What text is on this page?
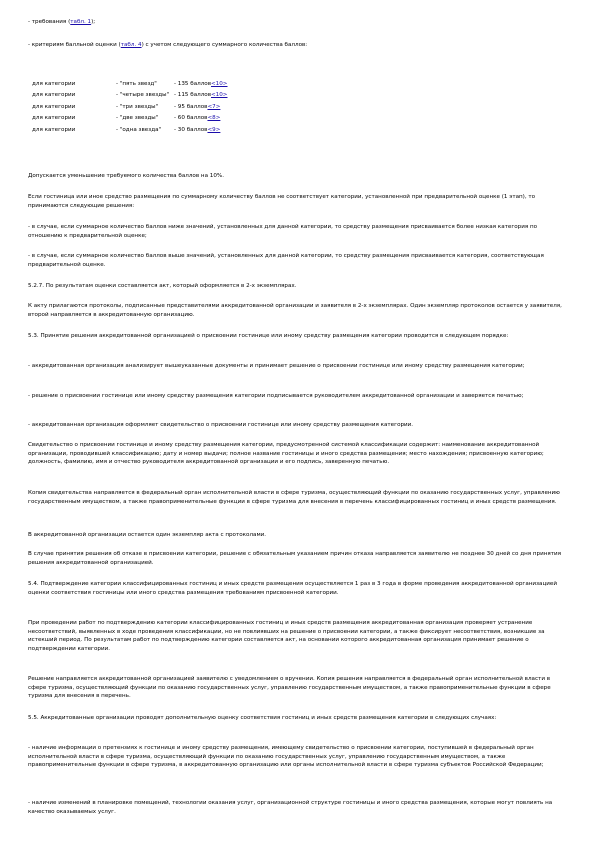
- требования (табл. 1);

- критериям балльной оценки (табл. 4) с учетом следующего суммарного количества баллов:

для категории	- "пять звезд"	- 135 баллов<10>
для категории	- "четыре звезды"	- 115 баллов<10>
для категории	- "три звезды"	- 95 баллов<7>
для категории	- "две звезды"	- 60 баллов<8>
для категории	- "одна звезда"	- 30 баллов<9>

Допускается уменьшение требуемого количества баллов на 10%.

Если гостиница или иное средство размещения по суммарному количеству баллов не соответствует категории, установленной при предварительной оценке (1 этап), то принимаются следующие решения:

- в случае, если суммарное количество баллов ниже значений, установленных для данной категории, то средству размещения присваивается более низкая категория по отношению к предварительной оценке;

- в случае, если суммарное количество баллов выше значений, установленных для данной категории, то средству размещения присваивается категория, соответствующая предварительной оценке.

5.2.7. По результатам оценки составляется акт, который оформляется в 2-х экземплярах.

К акту прилагаются протоколы, подписанные представителями аккредитованной организации и заявителя в 2-х экземплярах. Один экземпляр протоколов остается у заявителя, второй направляется в аккредитованную организацию.

5.3. Принятие решения аккредитованной организацией о присвоении гостинице или иному средству размещения категории проводится в следующем порядке:

- аккредитованная организация анализирует вышеуказанные документы и принимает решение о присвоении гостинице или иному средству размещения категории;

- решение о присвоении гостинице или иному средству размещения категории подписывается руководителем аккредитованной организации и заверяется печатью;

- аккредитованная организация оформляет свидетельство о присвоении гостинице или иному средству размещения категории.

Свидетельство о присвоении гостинице и иному средству размещения категории, предусмотренной системой классификации содержит: наименование аккредитованной организации, проводившей классификацию; дату и номер выдачи; полное название гостиницы и иного средства размещения; место нахождения; присвоенную категорию; должность, фамилию, имя и отчество руководителя аккредитованной организации и его подпись, заверенную печатью.

Копия свидетельства направляется в федеральный орган исполнительной власти в сфере туризма, осуществляющий функции по оказанию государственных услуг, управлению государственным имуществом, а также правоприменительные функции в сфере туризма для внесения в перечень классифицированных гостиниц и иных средств размещения.

В аккредитованной организации остается один экземпляр акта с протоколами.

В случае принятия решения об отказе в присвоении категории, решение с обязательным указанием причин отказа направляется заявителю не позднее 30 дней со дня принятия решения аккредитованной организацией.

5.4. Подтверждение категории классифицированных гостиниц и иных средств размещения осуществляется 1 раз в 3 года в форме проведения аккредитованной организацией оценки соответствия гостиницы или иного средства размещения требованиям присвоенной категории.

При проведении работ по подтверждению категории классифицированных гостиниц и иных средств размещения аккредитованная организация проверяет устранение несоответствий, выявленных в ходе проведения классификации, но не повлиявших на решение о присвоении категории, а также фиксирует несоответствия, возникшие за истекший период. По результатам работ по подтверждению категории составляется акт, на основании которого аккредитованная организация принимает решение о подтверждении категории.

Решение направляется аккредитованной организацией заявителю с уведомлением о вручении. Копия решения направляется в федеральный орган исполнительной власти в сфере туризма, осуществляющий функции по оказанию государственных услуг, управлению государственным имуществом, а также правоприменительные функции в сфере туризма для внесения в перечень.

5.5. Аккредитованные организации проводят дополнительную оценку соответствия гостиниц и иных средств размещения категории в следующих случаях:

- наличие информации о претензиях к гостинице и иному средству размещения, имеющему свидетельство о присвоении категории, поступившей в федеральный орган исполнительной власти в сфере туризма, осуществляющий функции по оказанию государственных услуг, управлению государственным имуществом, а также правоприменительные функции в сфере туризма, в аккредитованную организацию или органы исполнительной власти в сфере туризма субъектов Российской Федерации;

- наличие изменений в планировке помещений, технологии оказания услуг, организационной структуре гостиницы и иного средства размещения, которые могут повлиять на качество оказываемых услуг.
